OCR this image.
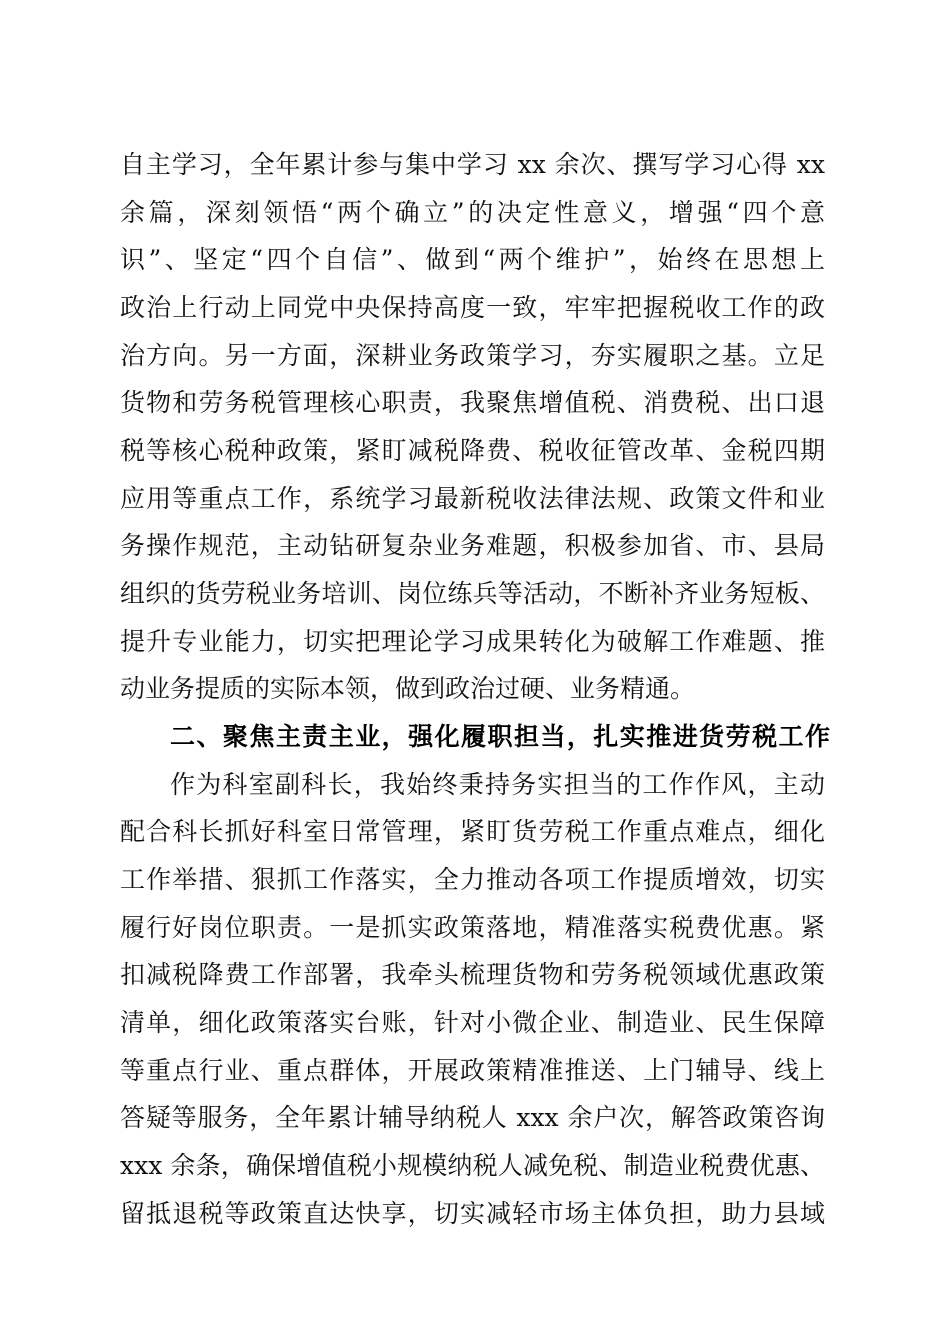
自主学习，全年累计参与集中学习 xx 余次、撰写学习心得 xx
余篇，深刻领悟“两个确立”的决定性意义，增强“四个意
识”、坚定“四个自信”、做到“两个维护”，始终在思想上
政治上行动上同党中央保持高度一致，牢牢把握税收工作的政
治方向。另一方面，深耕业务政策学习，夯实履职之基。立足
货物和劳务税管理核心职责，我聚焦增值税、消费税、出口退
税等核心税种政策，紧盯减税降费、税收征管改革、金税四期
应用等重点工作，系统学习最新税收法律法规、政策文件和业
务操作规范，主动钻研复杂业务难题，积极参加省、市、县局
组织的货劳税业务培训、岗位练兵等活动，不断补齐业务短板、
提升专业能力，切实把理论学习成果转化为破解工作难题、推
动业务提质的实际本领，做到政治过硬、业务精通。
二、聚焦主责主业，强化履职担当，扎实推进货劳税工作
作为科室副科长，我始终秉持务实担当的工作作风，主动
配合科长抓好科室日常管理，紧盯货劳税工作重点难点，细化
工作举措、狠抓工作落实，全力推动各项工作提质增效，切实
履行好岗位职责。一是抓实政策落地，精准落实税费优惠。紧
扣减税降费工作部署，我牵头梳理货物和劳务税领域优惠政策
清单，细化政策落实台账，针对小微企业、制造业、民生保障
等重点行业、重点群体，开展政策精准推送、上门辅导、线上
答疑等服务，全年累计辅导纳税人 xxx 余户次，解答政策咨询
xxx 余条，确保增值税小规模纳税人减免税、制造业税费优惠、
留抵退税等政策直达快享，切实减轻市场主体负担，助力县域
